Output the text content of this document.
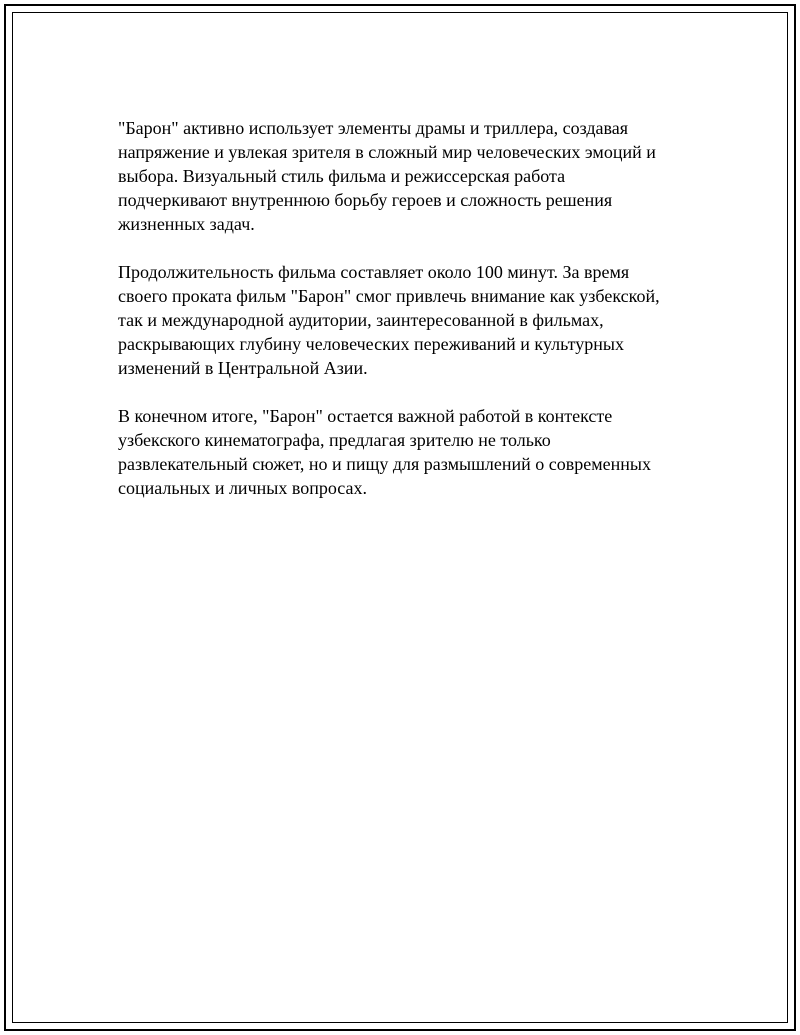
"Барон" активно использует элементы драмы и триллера, создавая
напряжение и увлекая зрителя в сложный мир человеческих эмоций и
выбора. Визуальный стиль фильма и режиссерская работа
подчеркивают внутреннюю борьбу героев и сложность решения
жизненных задач.

Продолжительность фильма составляет около 100 минут. За время
своего проката фильм "Барон" смог привлечь внимание как узбекской,
так и международной аудитории, заинтересованной в фильмах,
раскрывающих глубину человеческих переживаний и культурных
изменений в Центральной Азии.

В конечном итоге, "Барон" остается важной работой в контексте
узбекского кинематографа, предлагая зрителю не только
развлекательный сюжет, но и пищу для размышлений о современных
социальных и личных вопросах.
